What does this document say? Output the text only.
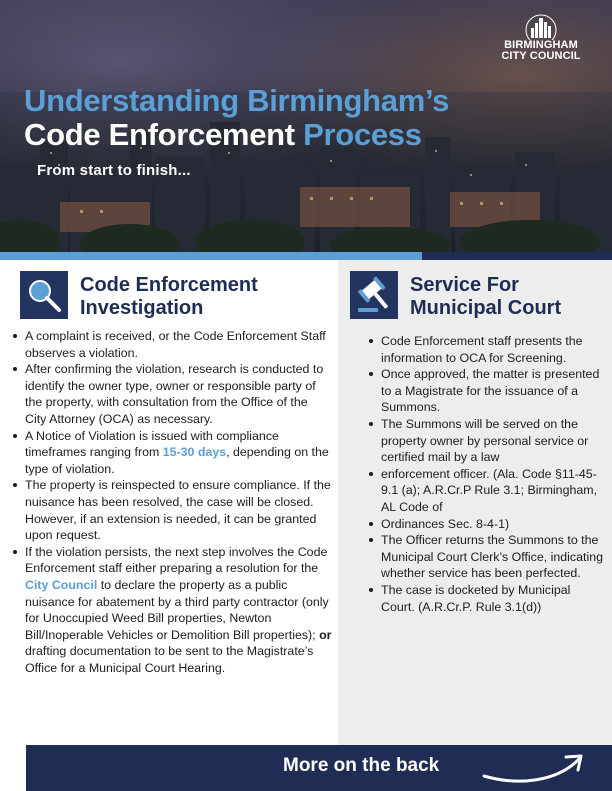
Understanding Birmingham’s
Code Enforcement Process
From start to finish...
BIRMINGHAM
CITY COUNCIL
Code Enforcement
Investigation
A complaint is received, or the Code Enforcement Staff observes a violation.
After confirming the violation, research is conducted to identify the owner type, owner or responsible party of the property, with consultation from the Office of the City Attorney (OCA) as necessary.
A Notice of Violation is issued with compliance timeframes ranging from 15-30 days, depending on the type of violation.
The property is reinspected to ensure compliance. If the nuisance has been resolved, the case will be closed. However, if an extension is needed, it can be granted upon request.
If the violation persists, the next step involves the Code Enforcement staff either preparing a resolution for the City Council to declare the property as a public nuisance for abatement by a third party contractor (only for Unoccupied Weed Bill properties, Newton Bill/Inoperable Vehicles or Demolition Bill properties); or drafting documentation to be sent to the Magistrate’s Office for a Municipal Court Hearing.
Service For
Municipal Court
Code Enforcement staff presents the information to OCA for Screening.
Once approved, the matter is presented to a Magistrate for the issuance of a Summons.
The Summons will be served on the property owner by personal service or certified mail by a law
enforcement officer. (Ala. Code §11-45-9.1 (a); A.R.Cr.P Rule 3.1; Birmingham, AL Code of
Ordinances Sec. 8-4-1)
The Officer returns the Summons to the Municipal Court Clerk’s Office, indicating whether service has been perfected.
The case is docketed by Municipal Court. (A.R.Cr.P. Rule 3.1(d))
More on the back
